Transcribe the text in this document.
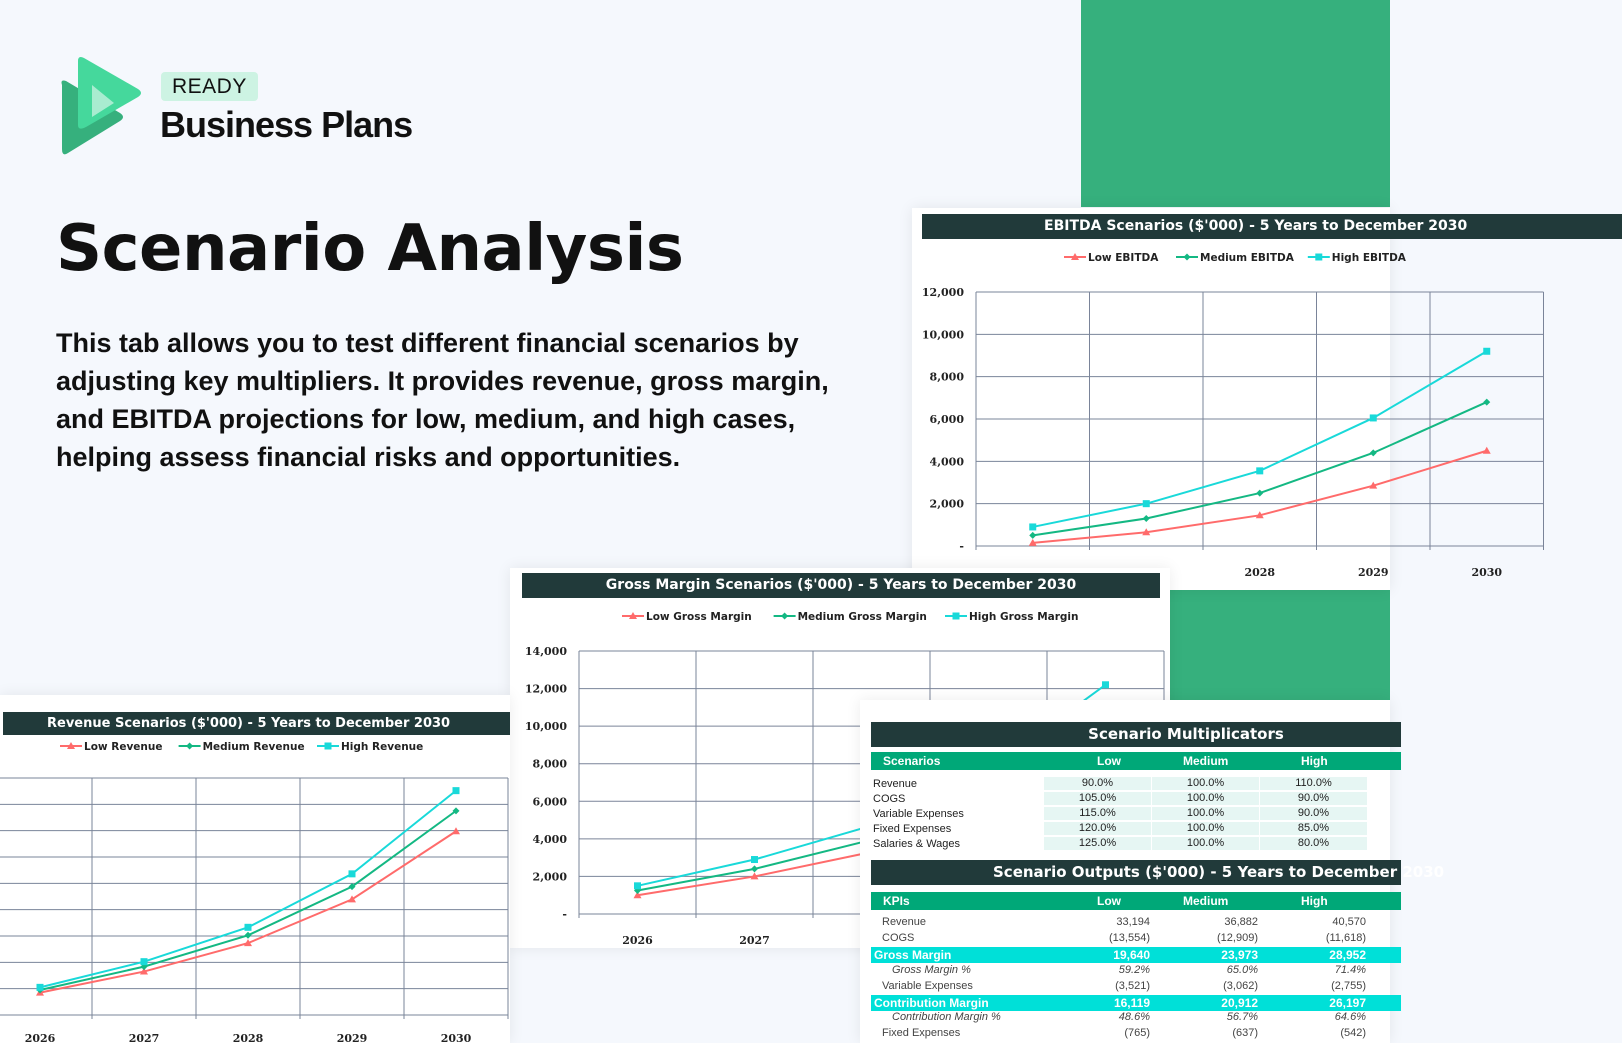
READY
Business Plans
Scenario Analysis
This tab allows you to test different financial scenarios by adjusting key multipliers. It provides revenue, gross margin, and EBITDA projections for low, medium, and high cases, helping assess financial risks and opportunities.
EBITDA Scenarios ($'000) - 5 Years to December 2030
-
2,000
4,000
6,000
8,000
10,000
12,000
2028	2029	2030
Low EBITDA	Medium EBITDA	High EBITDA
Gross Margin Scenarios ($'000) - 5 Years to December 2030
-
2,000
4,000
6,000
8,000
10,000
12,000
14,000
2026	2027
Low Gross Margin	Medium Gross Margin	High Gross Margin
Revenue Scenarios ($'000) - 5 Years to December 2030
2026	2027	2028	2029	2030
Low Revenue	Medium Revenue	High Revenue
Scenario Multiplicators
Scenarios	Low	Medium	High
Revenue	90.0%	100.0%	110.0%
COGS	105.0%	100.0%	90.0%
Variable Expenses	115.0%	100.0%	90.0%
Fixed Expenses	120.0%	100.0%	85.0%
Salaries & Wages	125.0%	100.0%	80.0%
Scenario Outputs ($'000) - 5 Years to December 2030
KPIs	Low	Medium	High
Revenue	33,194	36,882	40,570
COGS	(13,554)	(12,909)	(11,618)
Gross Margin	19,640	23,973	28,952
Gross Margin %	59.2%	65.0%	71.4%
Variable Expenses	(3,521)	(3,062)	(2,755)
Contribution Margin	16,119	20,912	26,197
Contribution Margin %	48.6%	56.7%	64.6%
Fixed Expenses	(765)	(637)	(542)
